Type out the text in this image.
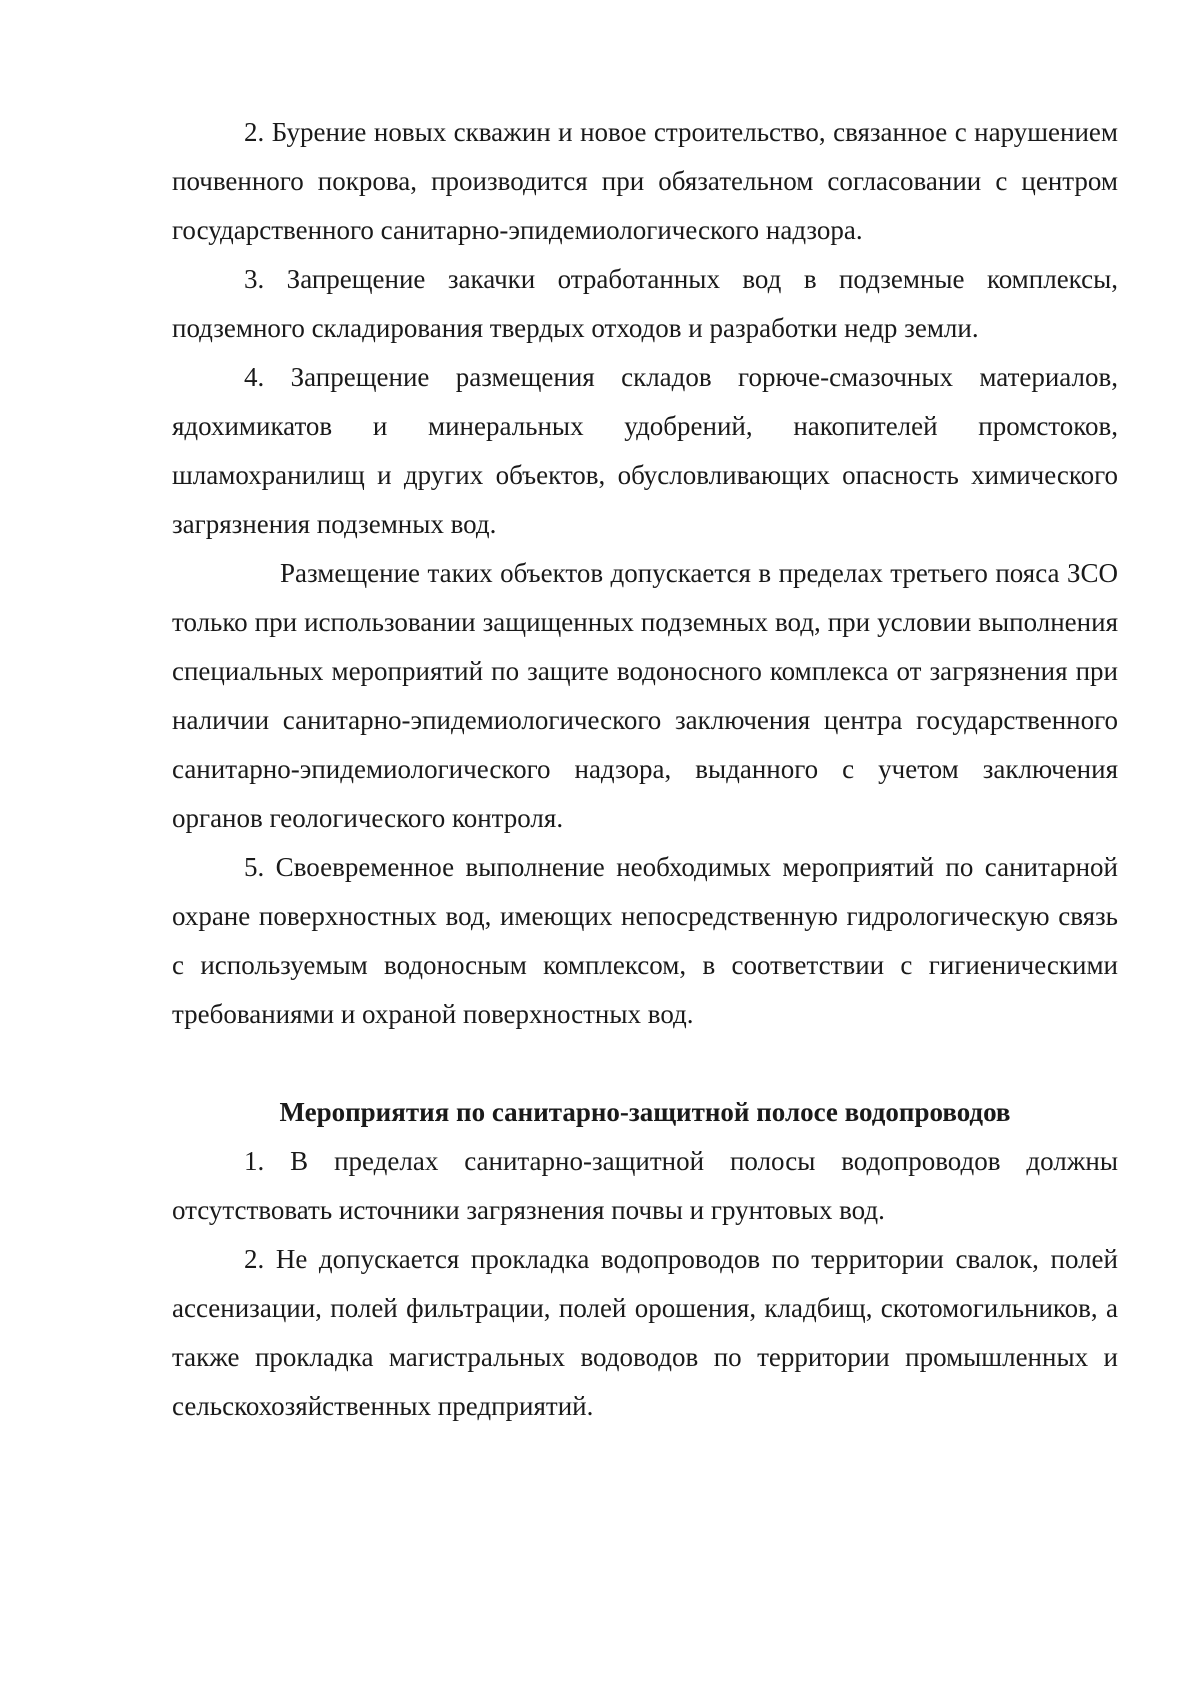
2. Бурение новых скважин и новое строительство, связанное с нарушением почвенного покрова, производится при обязательном согласовании с центром государственного санитарно-эпидемиологического надзора.

3. Запрещение закачки отработанных вод в подземные комплексы, подземного складирования твердых отходов и разработки недр земли.

4. Запрещение размещения складов горюче-смазочных материалов, ядохимикатов и минеральных удобрений, накопителей промстоков, шламохранилищ и других объектов, обусловливающих опасность химического загрязнения подземных вод.

Размещение таких объектов допускается в пределах третьего пояса ЗСО только при использовании защищенных подземных вод, при условии выполнения специальных мероприятий по защите водоносного комплекса от загрязнения при наличии санитарно-эпидемиологического заключения центра государственного санитарно-эпидемиологического надзора, выданного с учетом заключения органов геологического контроля.

5. Своевременное выполнение необходимых мероприятий по санитарной охране поверхностных вод, имеющих непосредственную гидрологическую связь с используемым водоносным комплексом, в соответствии с гигиеническими требованиями и охраной поверхностных вод.

Мероприятия по санитарно-защитной полосе водопроводов

1. В пределах санитарно-защитной полосы водопроводов должны отсутствовать источники загрязнения почвы и грунтовых вод.

2. Не допускается прокладка водопроводов по территории свалок, полей ассенизации, полей фильтрации, полей орошения, кладбищ, скотомогильников, а также прокладка магистральных водоводов по территории промышленных и сельскохозяйственных предприятий.
